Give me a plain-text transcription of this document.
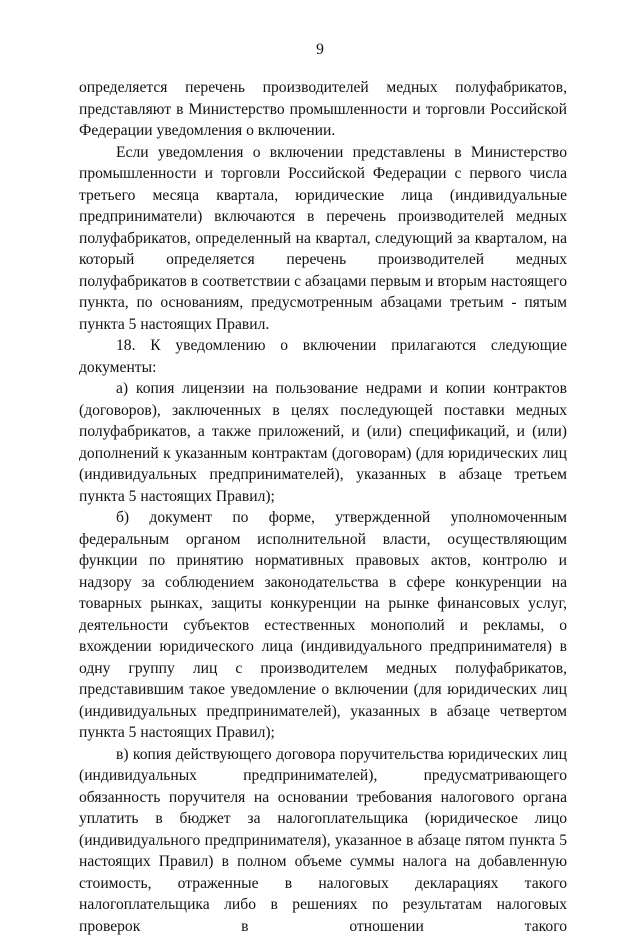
9

определяется перечень производителей медных полуфабрикатов, представляют в Министерство промышленности и торговли Российской Федерации уведомления о включении.

Если уведомления о включении представлены в Министерство промышленности и торговли Российской Федерации с первого числа третьего месяца квартала, юридические лица (индивидуальные предприниматели) включаются в перечень производителей медных полуфабрикатов, определенный на квартал, следующий за кварталом, на который определяется перечень производителей медных полуфабрикатов в соответствии с абзацами первым и вторым настоящего пункта, по основаниям, предусмотренным абзацами третьим - пятым пункта 5 настоящих Правил.

18. К уведомлению о включении прилагаются следующие документы:

а) копия лицензии на пользование недрами и копии контрактов (договоров), заключенных в целях последующей поставки медных полуфабрикатов, а также приложений, и (или) спецификаций, и (или) дополнений к указанным контрактам (договорам) (для юридических лиц (индивидуальных предпринимателей), указанных в абзаце третьем пункта 5 настоящих Правил);

б) документ по форме, утвержденной уполномоченным федеральным органом исполнительной власти, осуществляющим функции по принятию нормативных правовых актов, контролю и надзору за соблюдением законодательства в сфере конкуренции на товарных рынках, защиты конкуренции на рынке финансовых услуг, деятельности субъектов естественных монополий и рекламы, о вхождении юридического лица (индивидуального предпринимателя) в одну группу лиц с производителем медных полуфабрикатов, представившим такое уведомление о включении (для юридических лиц (индивидуальных предпринимателей), указанных в абзаце четвертом пункта 5 настоящих Правил);

в) копия действующего договора поручительства юридических лиц (индивидуальных предпринимателей), предусматривающего обязанность поручителя на основании требования налогового органа уплатить в бюджет за налогоплательщика (юридическое лицо (индивидуального предпринимателя), указанное в абзаце пятом пункта 5 настоящих Правил) в полном объеме суммы налога на добавленную стоимость, отраженные в налоговых декларациях такого налогоплательщика либо в решениях по результатам налоговых проверок в отношении такого
